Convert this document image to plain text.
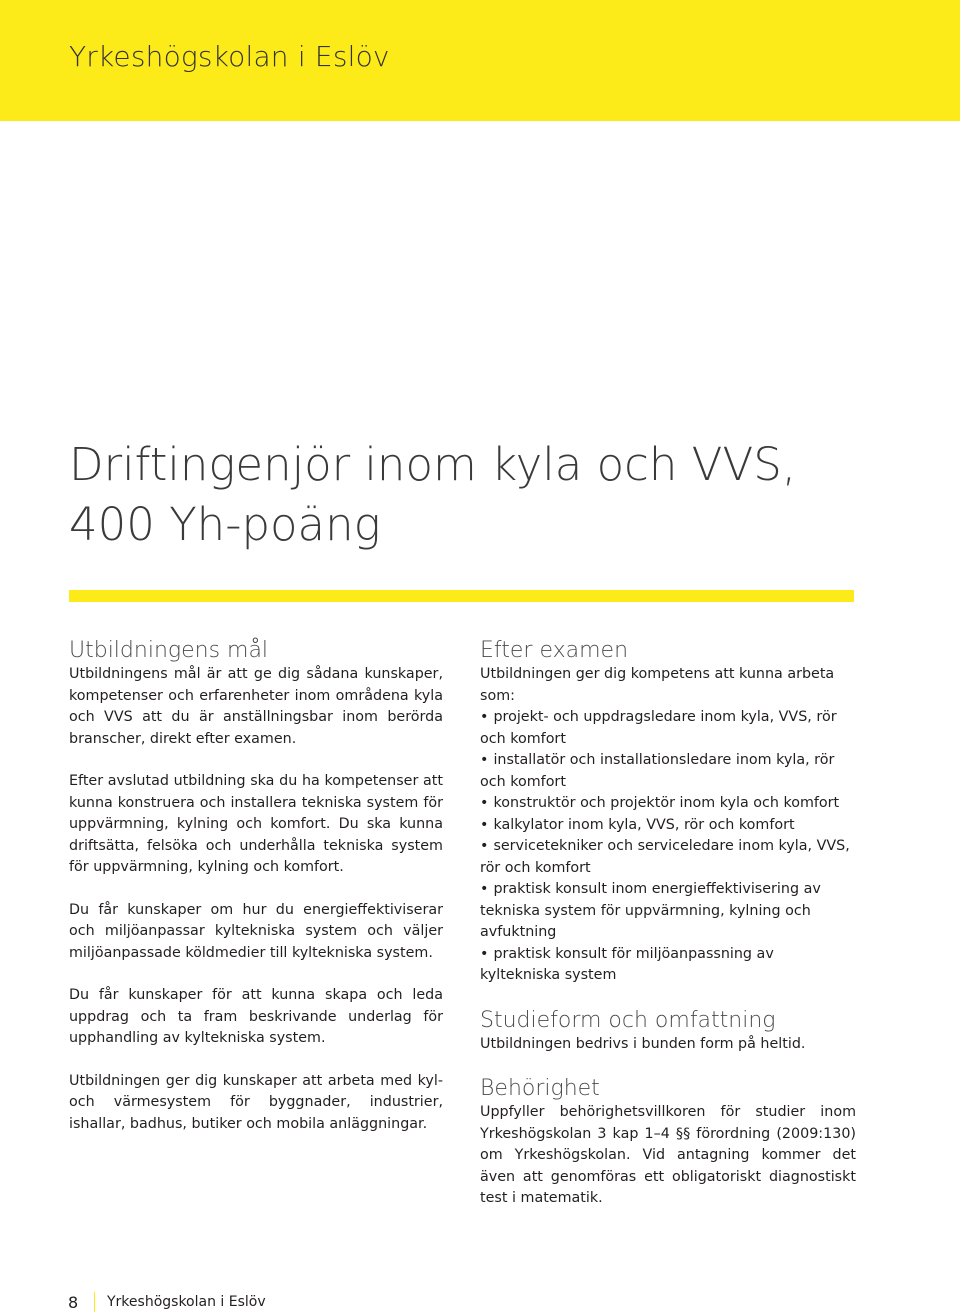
Yrkeshögskolan i Eslöv
Driftingenjör inom kyla och VVS,
400 Yh-poäng
Utbildningens mål

Utbildningens mål är att ge dig sådana kunskaper, kompetenser och erfarenheter inom områdena kyla och VVS att du är anställningsbar inom berörda branscher, direkt efter examen.

Efter avslutad utbildning ska du ha kompetenser att kunna konstruera och installera tekniska system för uppvärmning, kylning och komfort. Du ska kunna driftsätta, felsöka och underhålla tekniska system för uppvärmning, kylning och komfort.

Du får kunskaper om hur du energieffektiviserar och miljöanpassar kyltekniska system och väljer miljöanpassade köldmedier till kyltekniska system.

Du får kunskaper för att kunna skapa och leda uppdrag och ta fram beskrivande underlag för upphandling av kyltekniska system.

Utbildningen ger dig kunskaper att arbeta med kyl- och värmesystem för byggnader, industrier, ishallar, badhus, butiker och mobila anläggningar.

Efter examen

Utbildningen ger dig kompetens att kunna arbeta som:

• projekt- och uppdragsledare inom kyla, VVS, rör och komfort
• installatör och installationsledare inom kyla, rör och komfort
• konstruktör och projektör inom kyla och komfort
• kalkylator inom kyla, VVS, rör och komfort
• servicetekniker och serviceledare inom kyla, VVS, rör och komfort
• praktisk konsult inom energieffektivisering av tekniska system för uppvärmning, kylning och avfuktning
• praktisk konsult för miljöanpassning av kyltekniska system
Studieform och omfattning

Utbildningen bedrivs i bunden form på heltid.

Behörighet

Uppfyller behörighetsvillkoren för studier inom Yrkeshögskolan 3 kap 1–4 §§ förordning (2009:130) om Yrkeshögskolan. Vid antagning kommer det även att genomföras ett obligatoriskt diagnostiskt test i matematik.

8	Yrkeshögskolan i Eslöv
